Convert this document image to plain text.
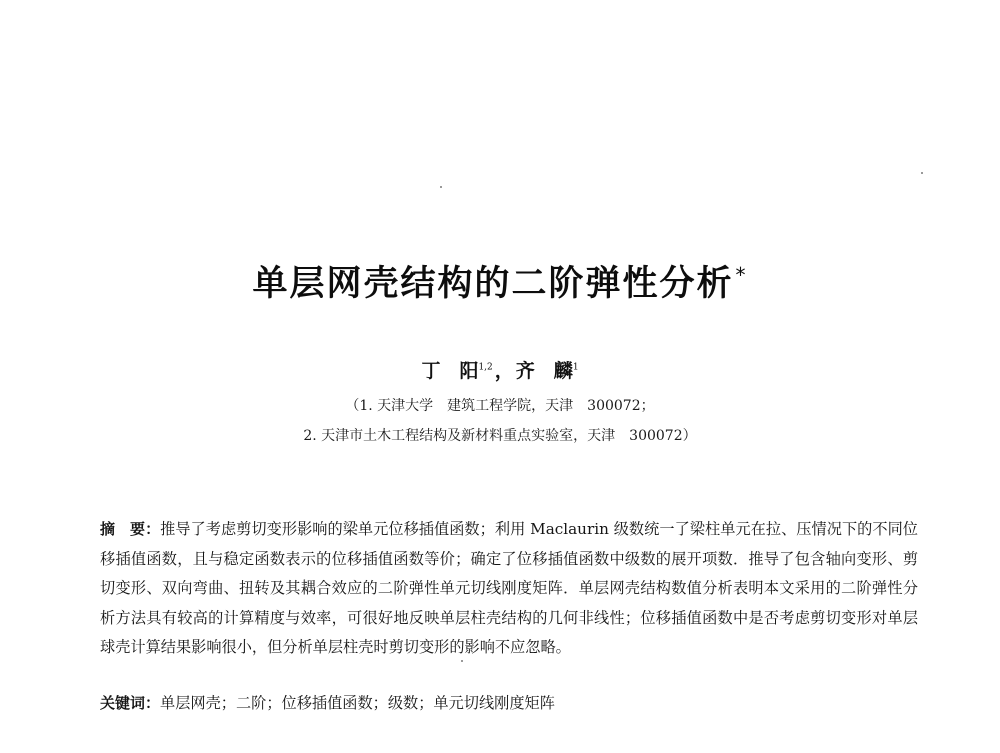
单层网壳结构的二阶弹性分析 *
丁　阳$^{1,2}$ ， 齐　麟$^1$
（1. 天津大学　建筑工程学院，天津　300072；
2. 天津市土木工程结构及新材料重点实验室，天津　300072）
摘　要：推导了考虑剪切变形影响的梁单元位移插值函数；利用 Maclaurin 级数统一了梁柱单元在拉、压情况下的不同位移插值函数，且与稳定函数表示的位移插值函数等价；确定了位移插值函数中级数的展开项数．推导了包含轴向变形、剪切变形、双向弯曲、扭转及其耦合效应的二阶弹性单元切线刚度矩阵．单层网壳结构数值分析表明本文采用的二阶弹性分析方法具有较高的计算精度与效率，可很好地反映单层柱壳结构的几何非线性；位移插值函数中是否考虑剪切变形对单层球壳计算结果影响很小，但分析单层柱壳时剪切变形的影响不应忽略。
关键词：单层网壳；二阶；位移插值函数；级数；单元切线刚度矩阵
